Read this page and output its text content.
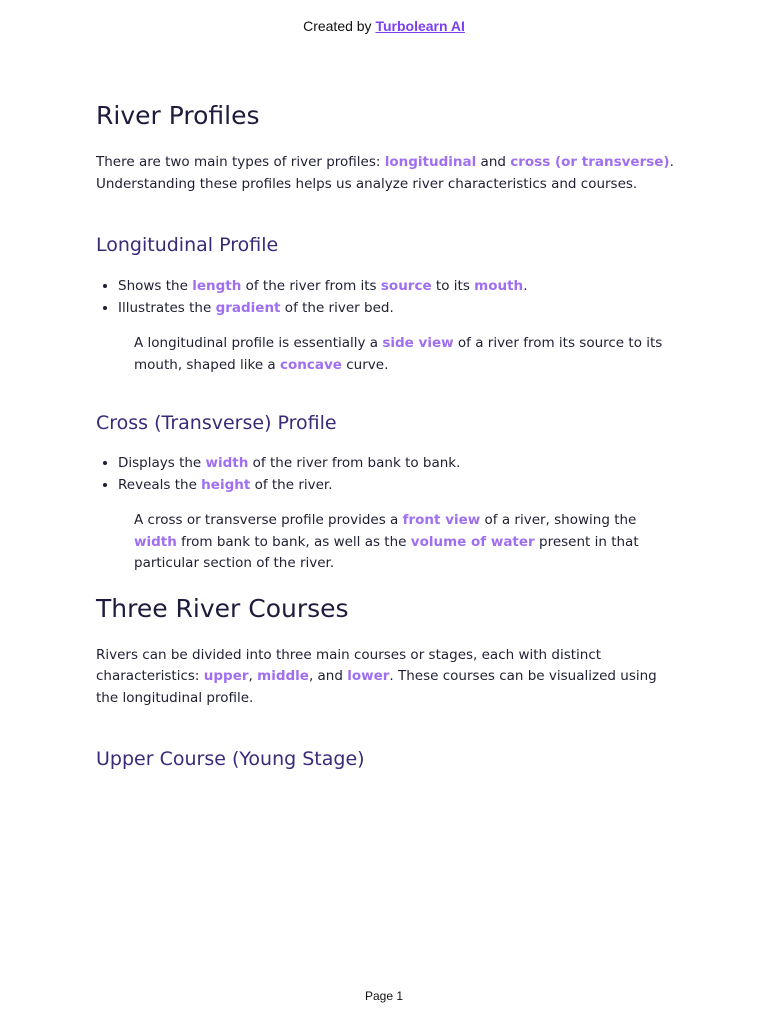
Created by Turbolearn AI
River Profiles

There are two main types of river profiles: longitudinal and cross (or transverse). Understanding these profiles helps us analyze river characteristics and courses.

Longitudinal Profile
• Shows the length of the river from its source to its mouth.
• Illustrates the gradient of the river bed.

A longitudinal profile is essentially a side view of a river from its source to its mouth, shaped like a concave curve.

Cross (Transverse) Profile
• Displays the width of the river from bank to bank.
• Reveals the height of the river.

A cross or transverse profile provides a front view of a river, showing the width from bank to bank, as well as the volume of water present in that particular section of the river.

Three River Courses

Rivers can be divided into three main courses or stages, each with distinct characteristics: upper, middle, and lower. These courses can be visualized using the longitudinal profile.

Upper Course (Young Stage)
Page 1
